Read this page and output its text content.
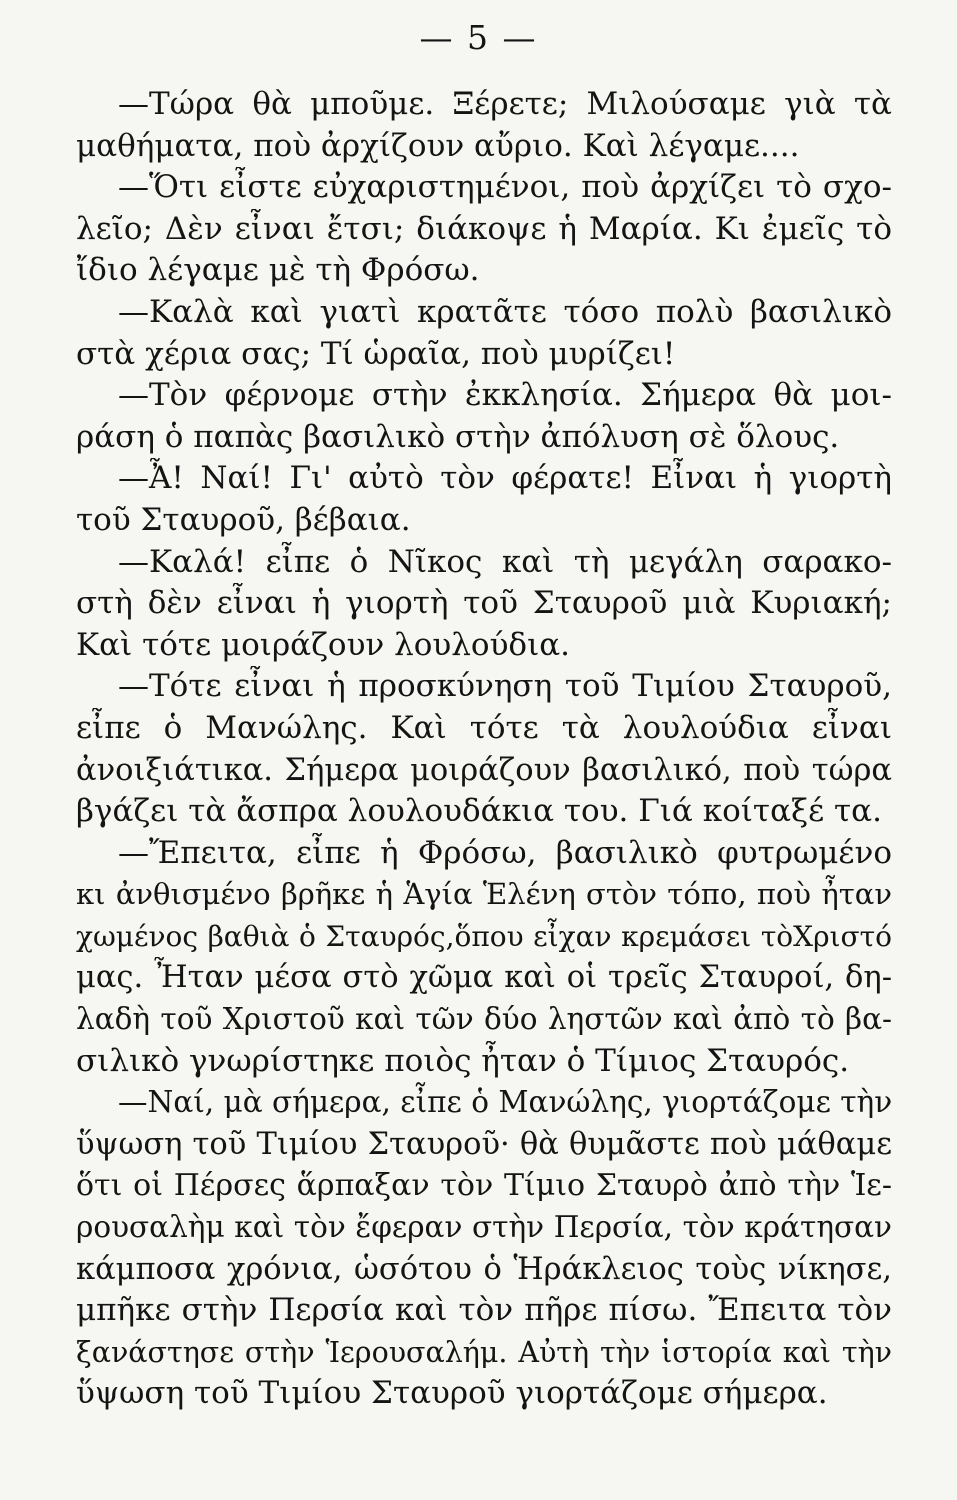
— 5 —
—Τώρα θὰ μποῦμε. Ξέρετε; Μιλούσαμε γιὰ τὰ
μαθήματα, ποὺ ἀρχίζουν αὔριο. Καὶ λέγαμε....
—Ὅτι εἶστε εὐχαριστημένοι, ποὺ ἀρχίζει τὸ σχο-
λεῖο; Δὲν εἶναι ἔτσι; διάκοψε ἡ Μαρία. Κι ἐμεῖς τὸ
ἴδιο λέγαμε μὲ τὴ Φρόσω.
—Καλὰ καὶ γιατὶ κρατᾶτε τόσο πολὺ βασιλικὸ
στὰ χέρια σας; Τί ὡραῖα, ποὺ μυρίζει!
—Τὸν φέρνομε στὴν ἐκκλησία. Σήμερα θὰ μοι-
ράση ὁ παπὰς βασιλικὸ στὴν ἀπόλυση σὲ ὅλους.
—Ἆ! Ναί! Γι' αὐτὸ τὸν φέρατε! Εἶναι ἡ γιορτὴ
τοῦ Σταυροῦ, βέβαια.
—Καλά! εἶπε ὁ Νῖκος καὶ τὴ μεγάλη σαρακο-
στὴ δὲν εἶναι ἡ γιορτὴ τοῦ Σταυροῦ μιὰ Κυριακή;
Καὶ τότε μοιράζουν λουλούδια.
—Τότε εἶναι ἡ προσκύνηση τοῦ Τιμίου Σταυροῦ,
εἶπε ὁ Μανώλης. Καὶ τότε τὰ λουλούδια εἶναι
ἀνοιξιάτικα. Σήμερα μοιράζουν βασιλικό, ποὺ τώρα
βγάζει τὰ ἄσπρα λουλουδάκια του. Γιά κοίταξέ τα.
—Ἔπειτα, εἶπε ἡ Φρόσω, βασιλικὸ φυτρωμένο
κι ἀνθισμένο βρῆκε ἡ Ἁγία Ἑλένη στὸν τόπο, ποὺ ἦταν
χωμένος βαθιὰ ὁ Σταυρός,ὅπου εἶχαν κρεμάσει τὸΧριστό
μας. Ἦταν μέσα στὸ χῶμα καὶ οἱ τρεῖς Σταυροί, δη-
λαδὴ τοῦ Χριστοῦ καὶ τῶν δύο ληστῶν καὶ ἀπὸ τὸ βα-
σιλικὸ γνωρίστηκε ποιὸς ἦταν ὁ Τίμιος Σταυρός.
—Ναί, μὰ σήμερα, εἶπε ὁ Μανώλης, γιορτάζομε τὴν
ὕψωση τοῦ Τιμίου Σταυροῦ· θὰ θυμᾶστε ποὺ μάθαμε
ὅτι οἱ Πέρσες ἅρπαξαν τὸν Τίμιο Σταυρὸ ἀπὸ τὴν Ἱε-
ρουσαλὴμ καὶ τὸν ἔφεραν στὴν Περσία, τὸν κράτησαν
κάμποσα χρόνια, ὡσότου ὁ Ἡράκλειος τοὺς νίκησε,
μπῆκε στὴν Περσία καὶ τὸν πῆρε πίσω. Ἔπειτα τὸν
ξανάστησε στὴν Ἱερουσαλήμ. Αὐτὴ τὴν ἱστορία καὶ τὴν
ὕψωση τοῦ Τιμίου Σταυροῦ γιορτάζομε σήμερα.
